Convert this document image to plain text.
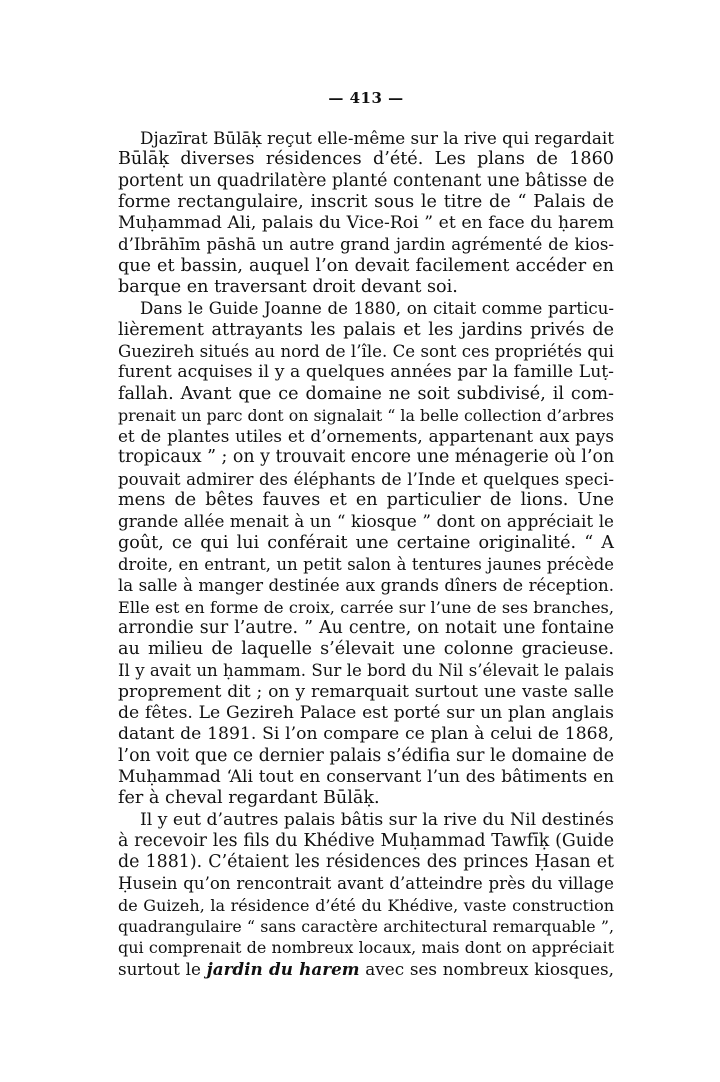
— 413 —

Djazīrat Būlāḳ reçut elle-même sur la rive qui regardait
Būlāḳ diverses résidences d’été. Les plans de 1860
portent un quadrilatère planté contenant une bâtisse de
forme rectangulaire, inscrit sous le titre de “ Palais de
Muḥammad Ali, palais du Vice-Roi ” et en face du ḥarem
d’Ibrāhīm pāshā un autre grand jardin agrémenté de kios-
que et bassin, auquel l’on devait facilement accéder en
barque en traversant droit devant soi.

Dans le Guide Joanne de 1880, on citait comme particu-
lièrement attrayants les palais et les jardins privés de
Guezireh situés au nord de l’île. Ce sont ces propriétés qui
furent acquises il y a quelques années par la famille Luṭ-
fallah. Avant que ce domaine ne soit subdivisé, il com-
prenait un parc dont on signalait “ la belle collection d’arbres
et de plantes utiles et d’ornements, appartenant aux pays
tropicaux ” ; on y trouvait encore une ménagerie où l’on
pouvait admirer des éléphants de l’Inde et quelques speci-
mens de bêtes fauves et en particulier de lions. Une
grande allée menait à un “ kiosque ” dont on appréciait le
goût, ce qui lui conférait une certaine originalité. “ A
droite, en entrant, un petit salon à tentures jaunes précède
la salle à manger destinée aux grands dîners de réception.
Elle est en forme de croix, carrée sur l’une de ses branches,
arrondie sur l’autre. ” Au centre, on notait une fontaine
au milieu de laquelle s’élevait une colonne gracieuse.
Il y avait un ḥammam. Sur le bord du Nil s’élevait le palais
proprement dit ; on y remarquait surtout une vaste salle
de fêtes. Le Gezireh Palace est porté sur un plan anglais
datant de 1891. Si l’on compare ce plan à celui de 1868,
l’on voit que ce dernier palais s’édifia sur le domaine de
Muḥammad ‘Ali tout en conservant l’un des bâtiments en
fer à cheval regardant Būlāḳ.

Il y eut d’autres palais bâtis sur la rive du Nil destinés
à recevoir les fils du Khédive Muḥammad Tawfīḳ (Guide
de 1881). C’étaient les résidences des princes Ḥasan et
Ḥusein qu’on rencontrait avant d’atteindre près du village
de Guizeh, la résidence d’été du Khédive, vaste construction
quadrangulaire “ sans caractère architectural remarquable ”,
qui comprenait de nombreux locaux, mais dont on appréciait
surtout le jardin du harem avec ses nombreux kiosques,
